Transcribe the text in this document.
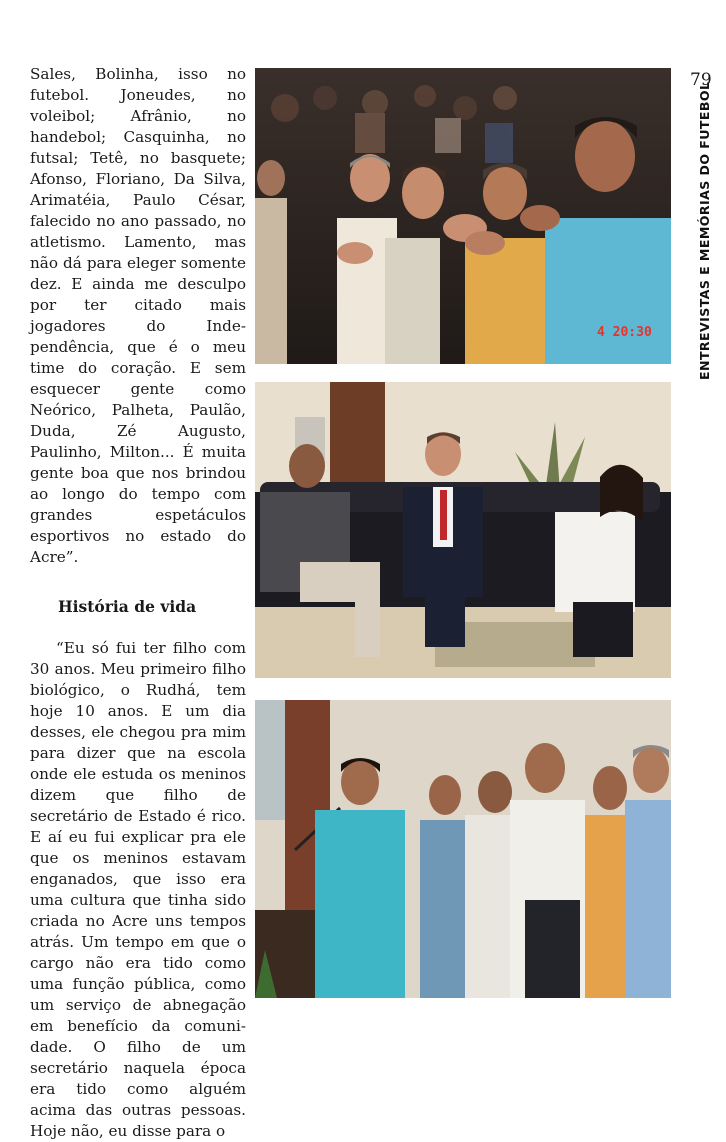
Sales, Bolinha, isso no futebol. Joneudes, no voleibol; Afrânio, no handebol; Casquinha, no futsal; Tetê, no basquete; Afonso, Floriano, Da Silva, Arimatéia, Paulo César, falecido no ano passado, no atletismo. Lamento, mas não dá para eleger somente dez. E ainda me desculpo por ter citado mais jogadores do Independência, que é o meu time do coração. E sem esquecer gente como Neórico, Palheta, Paulão, Duda, Zé Augusto, Paulinho, Milton... É muita gente boa que nos brindou ao longo do tempo com grandes espetáculos esportivos no estado do Acre”.

História de vida

“Eu só fui ter filho com 30 anos. Meu primeiro filho biológico, o Rudhá, tem hoje 10 anos. E um dia desses, ele chegou pra mim para dizer que na escola onde ele estuda os meninos dizem que filho de secretário de Estado é rico. E aí eu fui explicar pra ele que os meninos estavam enganados, que isso era uma cultura que tinha sido criada no Acre uns tempos atrás. Um tempo em que o cargo não era tido como uma função pública, como um serviço de abnegação em benefício da comunidade. O filho de um secretário naquela época era tido como alguém acima das outras pessoas. Hoje não, eu disse para o

79
ENTREVISTAS E MEMÓRIAS DO FUTEBOL
4 20:30
